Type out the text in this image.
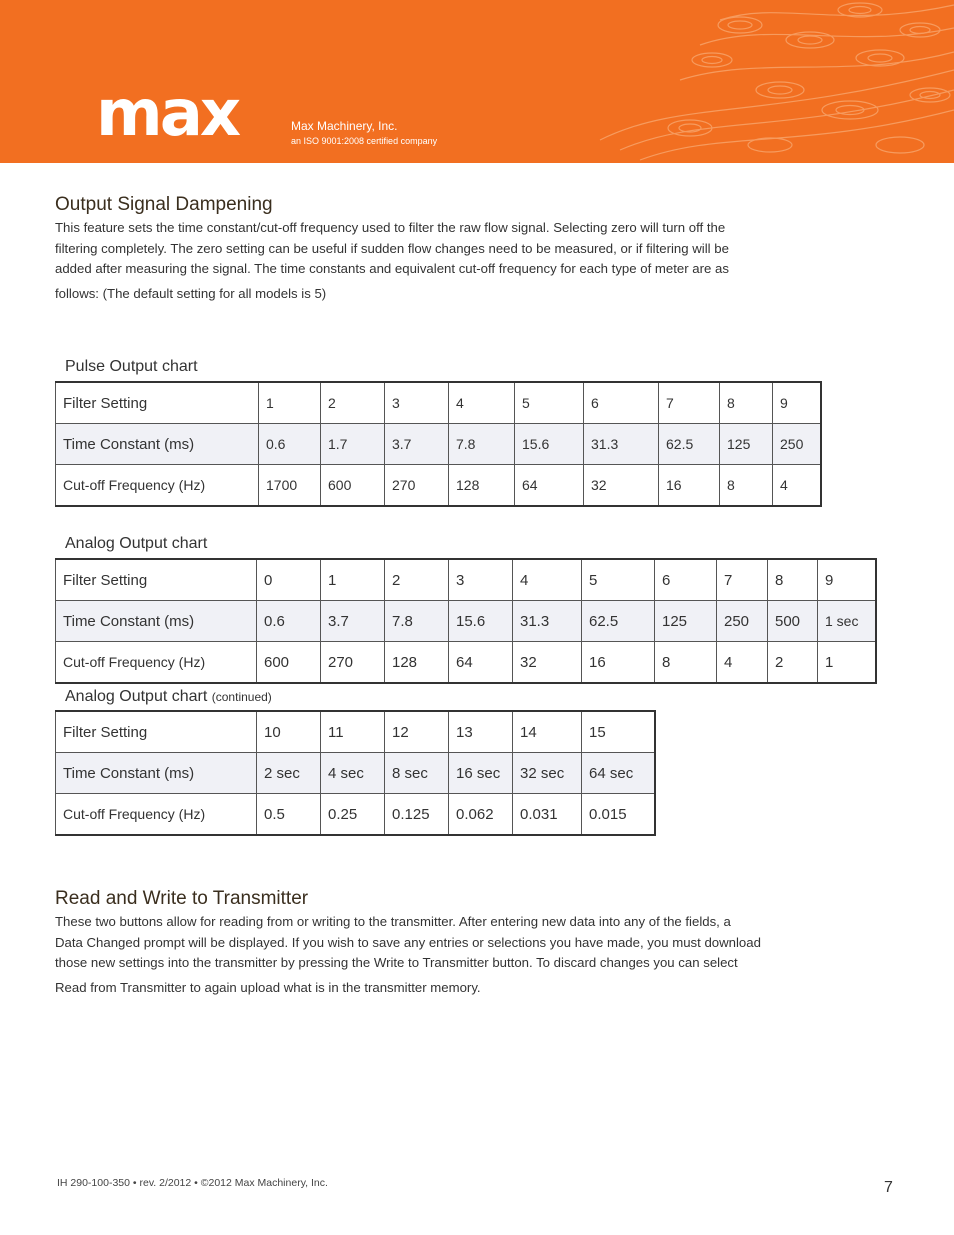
max	Max Machinery, Inc.
an ISO 9001:2008 certified company
Output Signal Dampening
This feature sets the time constant/cut-off frequency used to filter the raw flow signal. Selecting zero will turn off the
filtering completely. The zero setting can be useful if sudden flow changes need to be measured, or if filtering will be
added after measuring the signal. The time constants and equivalent cut-off frequency for each type of meter are as
follows: (The default setting for all models is 5)
Pulse Output chart
Filter Setting	1	2	3	4	5	6	7	8	9
Time Constant (ms)	0.6	1.7	3.7	7.8	15.6	31.3	62.5	125	250
Cut-off Frequency (Hz)	1700	600	270	128	64	32	16	8	4
Analog Output chart
Filter Setting	0	1	2	3	4	5	6	7	8	9
Time Constant (ms)	0.6	3.7	7.8	15.6	31.3	62.5	125	250	500	1 sec
Cut-off Frequency (Hz)	600	270	128	64	32	16	8	4	2	1
Analog Output chart (continued)
Filter Setting	10	11	12	13	14	15
Time Constant (ms)	2 sec	4 sec	8 sec	16 sec	32 sec	64 sec
Cut-off Frequency (Hz)	0.5	0.25	0.125	0.062	0.031	0.015
Read and Write to Transmitter
These two buttons allow for reading from or writing to the transmitter. After entering new data into any of the fields, a
Data Changed prompt will be displayed. If you wish to save any entries or selections you have made, you must download
those new settings into the transmitter by pressing the Write to Transmitter button. To discard changes you can select
Read from Transmitter to again upload what is in the transmitter memory.
IH 290-100-350 • rev. 2/2012 • ©2012 Max Machinery, Inc.	7
